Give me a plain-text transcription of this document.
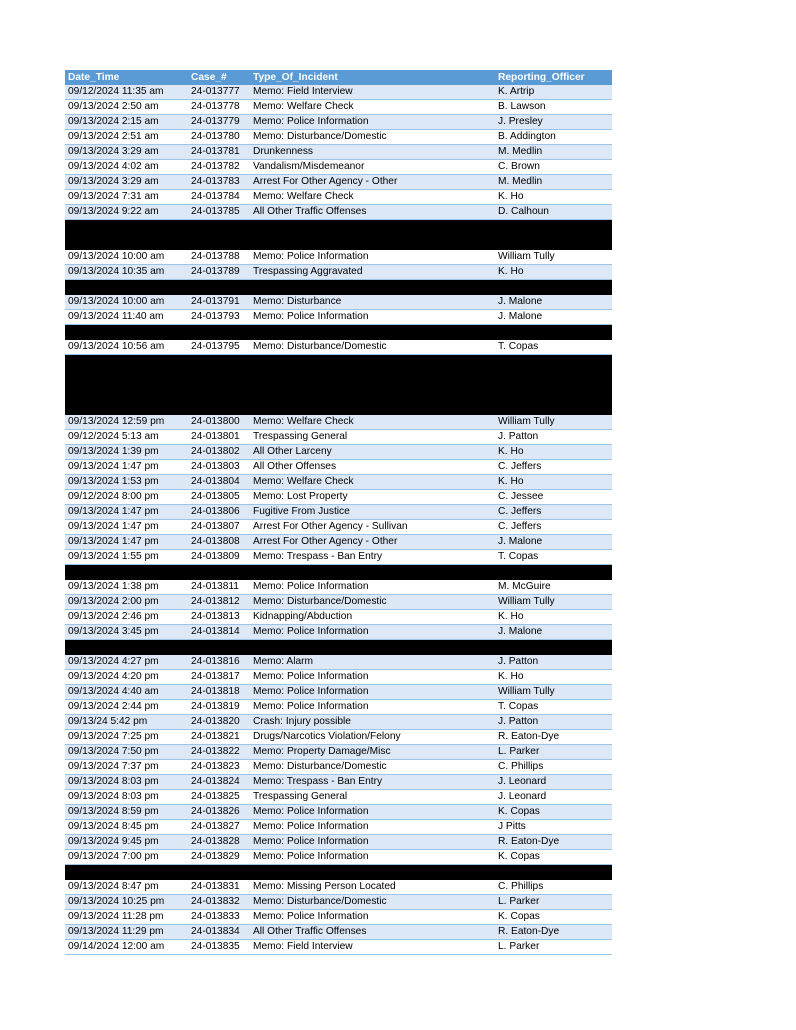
Date_Time	Case_#	Type_Of_Incident	Reporting_Officer
09/12/2024 11:35 am	24-013777	Memo: Field Interview	K. Artrip
09/13/2024 2:50 am	24-013778	Memo: Welfare Check	B. Lawson
09/13/2024 2:15 am	24-013779	Memo: Police Information	J. Presley
09/13/2024 2:51 am	24-013780	Memo: Disturbance/Domestic	B. Addington
09/13/2024 3:29 am	24-013781	Drunkenness	M. Medlin
09/13/2024 4:02 am	24-013782	Vandalism/Misdemeanor	C. Brown
09/13/2024 3:29 am	24-013783	Arrest For Other Agency - Other	M. Medlin
09/13/2024 7:31 am	24-013784	Memo: Welfare Check	K. Ho
09/13/2024 9:22 am	24-013785	All Other Traffic Offenses	D. Calhoun

09/13/2024 10:00 am	24-013788	Memo: Police Information	William Tully
09/13/2024 10:35 am	24-013789	Trespassing Aggravated	K. Ho

09/13/2024 10:00 am	24-013791	Memo: Disturbance	J. Malone
09/13/2024 11:40 am	24-013793	Memo: Police Information	J. Malone

09/13/2024 10:56 am	24-013795	Memo: Disturbance/Domestic	T. Copas

09/13/2024 12:59 pm	24-013800	Memo: Welfare Check	William Tully
09/12/2024 5:13 am	24-013801	Trespassing General	J. Patton
09/13/2024 1:39 pm	24-013802	All Other Larceny	K. Ho
09/13/2024 1:47 pm	24-013803	All Other Offenses	C. Jeffers
09/13/2024 1:53 pm	24-013804	Memo: Welfare Check	K. Ho
09/12/2024 8:00 pm	24-013805	Memo: Lost Property	C. Jessee
09/13/2024 1:47 pm	24-013806	Fugitive From Justice	C. Jeffers
09/13/2024 1:47 pm	24-013807	Arrest For Other Agency - Sullivan	C. Jeffers
09/13/2024 1:47 pm	24-013808	Arrest For Other Agency - Other	J. Malone
09/13/2024 1:55 pm	24-013809	Memo: Trespass - Ban Entry	T. Copas

09/13/2024 1:38 pm	24-013811	Memo: Police Information	M. McGuire
09/13/2024 2:00 pm	24-013812	Memo: Disturbance/Domestic	William Tully
09/13/2024 2:46 pm	24-013813	Kidnapping/Abduction	K. Ho
09/13/2024 3:45 pm	24-013814	Memo: Police Information	J. Malone

09/13/2024 4:27 pm	24-013816	Memo: Alarm	J. Patton
09/13/2024 4:20 pm	24-013817	Memo: Police Information	K. Ho
09/13/2024 4:40 am	24-013818	Memo: Police Information	William Tully
09/13/2024 2:44 pm	24-013819	Memo: Police Information	T. Copas
09/13/24 5:42 pm	24-013820	Crash: Injury possible	J. Patton
09/13/2024 7:25 pm	24-013821	Drugs/Narcotics Violation/Felony	R. Eaton-Dye
09/13/2024 7:50 pm	24-013822	Memo: Property Damage/Misc	L. Parker
09/13/2024 7:37 pm	24-013823	Memo: Disturbance/Domestic	C. Phillips
09/13/2024 8:03 pm	24-013824	Memo: Trespass - Ban Entry	J. Leonard
09/13/2024 8:03 pm	24-013825	Trespassing General	J. Leonard
09/13/2024 8:59 pm	24-013826	Memo: Police Information	K. Copas
09/13/2024 8:45 pm	24-013827	Memo: Police Information	J Pitts
09/13/2024 9:45 pm	24-013828	Memo: Police Information	R. Eaton-Dye
09/13/2024 7:00 pm	24-013829	Memo: Police Information	K. Copas

09/13/2024 8:47 pm	24-013831	Memo: Missing Person Located	C. Phillips
09/13/2024 10:25 pm	24-013832	Memo: Disturbance/Domestic	L. Parker
09/13/2024 11:28 pm	24-013833	Memo: Police Information	K. Copas
09/13/2024 11:29 pm	24-013834	All Other Traffic Offenses	R. Eaton-Dye
09/14/2024 12:00 am	24-013835	Memo: Field Interview	L. Parker
